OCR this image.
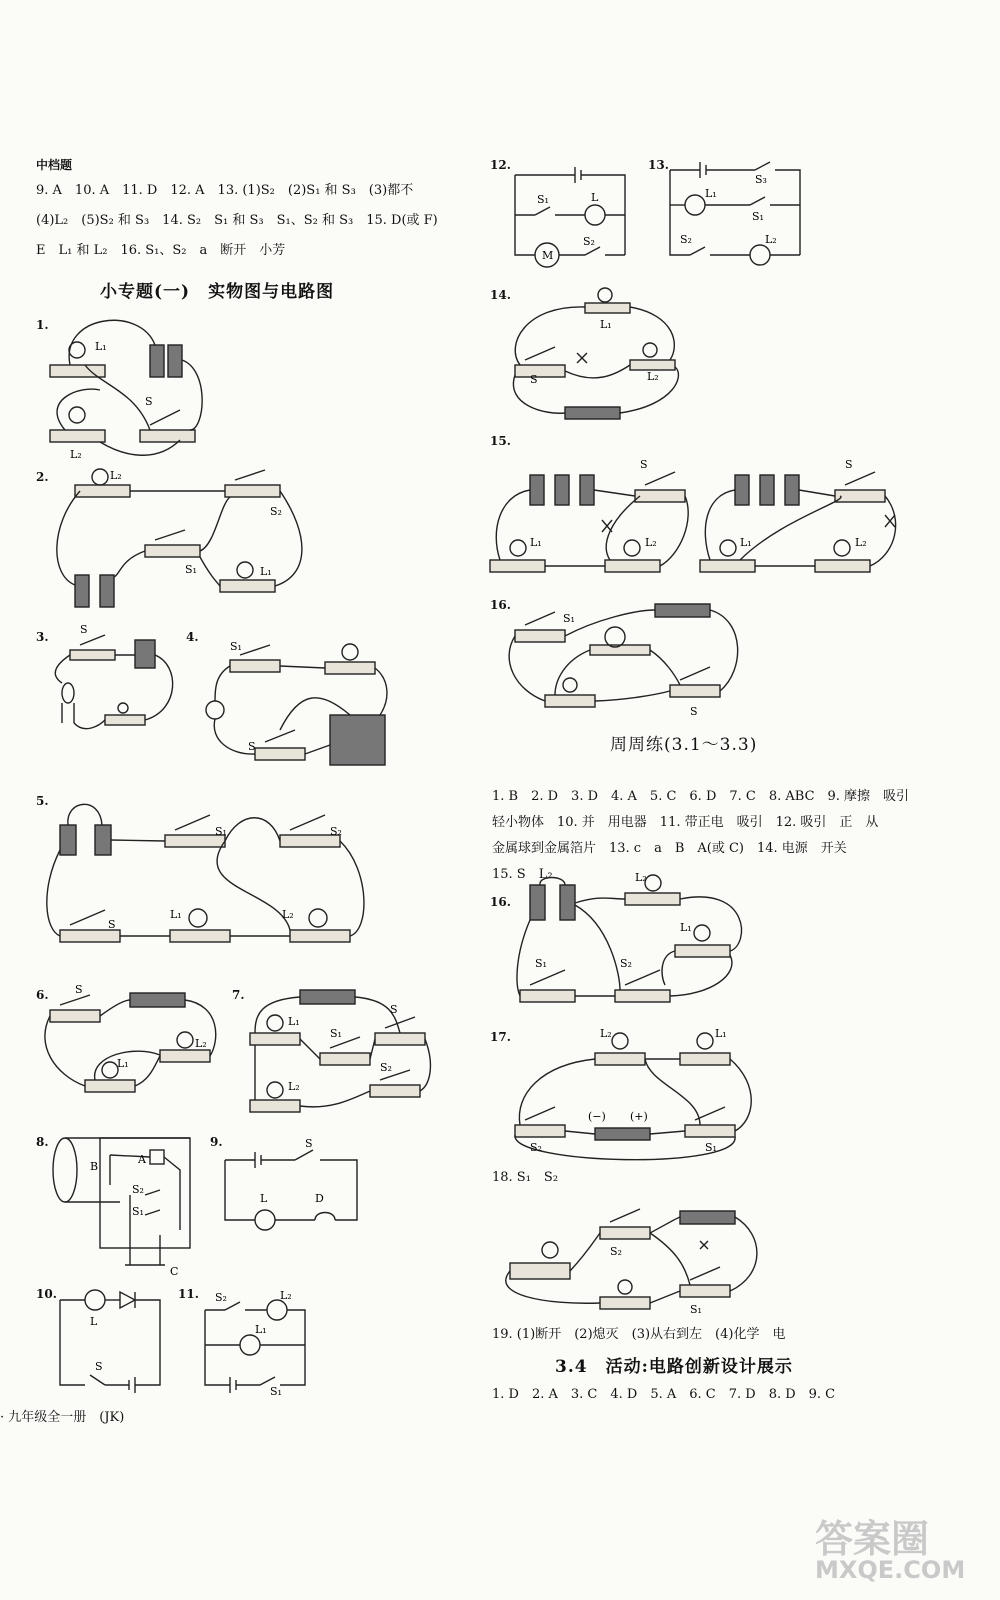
中档题
9. A　10. A　11. D　12. A　13. (1)S₂　(2)S₁ 和 S₃　(3)都不
(4)L₂　(5)S₂ 和 S₃　14. S₂　S₁ 和 S₃　S₁、S₂ 和 S₃　15. D(或 F)
E　L₁ 和 L₂　16. S₁、S₂　a　断开　小芳
小专题(一)　实物图与电路图
1.
L₁
S
L₂
2.	L₂
S₂
S₁	L₁
3.
S
4.
S₁
S
5.
S₁	S₂
S
L₁	L₂
6. S
L₁
L₂
7.
L₁
S₁
S
S₂
L₂
8.
B
A
S₂
S₁
C
9.	S
L	D
10.
L
S
11. S₂	L₂
L₁
S₁
12.
S₁	L
M
S₂
13.
S₃
L₁
S₁
S₂	L₂
14.
L₁
S	L₂
15.
S
L₁	L₂
S
L₁	L₂
16.
S₁
S
周周练(3.1～3.3)
1. B　2. D　3. D　4. A　5. C　6. D　7. C　8. ABC　9. 摩擦　吸引
轻小物体　10. 并　用电器　11. 带正电　吸引　12. 吸引　正　从
金属球到金属箔片　13. c　a　B　A(或 C)　14. 电源　开关
15. S　L₂
16.
L₂
L₁
S₁	S₂
17.	L₂	L₁
(−) (+)
S₂	S₁
18. S₁　S₂
S₂
S₁
19. (1)断开　(2)熄灭　(3)从右到左　(4)化学　电
3.4　活动:电路创新设计展示
1. D　2. A　3. C　4. D　5. A　6. C　7. D　8. D　9. C
· 九年级全一册　(JK)
答案圈
MXQE.COM
